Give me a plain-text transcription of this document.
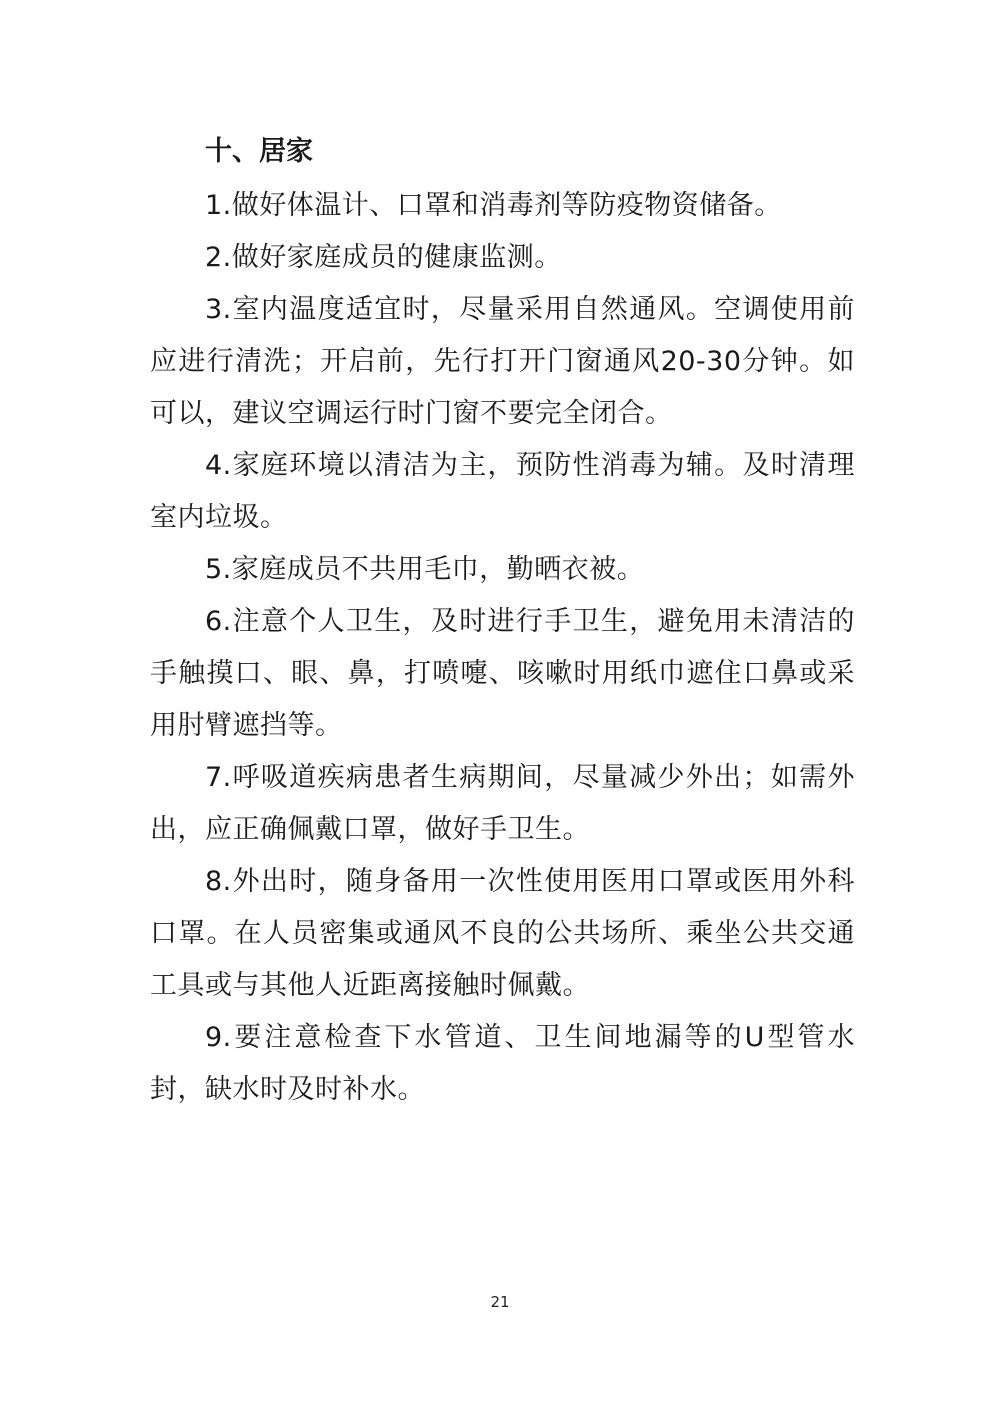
十、居家

1.做好体温计、口罩和消毒剂等防疫物资储备。

2.做好家庭成员的健康监测。

3.室内温度适宜时，尽量采用自然通风。空调使用前应进行清洗；开启前，先行打开门窗通风20-30分钟。如可以，建议空调运行时门窗不要完全闭合。

4.家庭环境以清洁为主，预防性消毒为辅。及时清理室内垃圾。

5.家庭成员不共用毛巾，勤晒衣被。

6.注意个人卫生，及时进行手卫生，避免用未清洁的手触摸口、眼、鼻，打喷嚏、咳嗽时用纸巾遮住口鼻或采用肘臂遮挡等。

7.呼吸道疾病患者生病期间，尽量减少外出；如需外出，应正确佩戴口罩，做好手卫生。

8.外出时，随身备用一次性使用医用口罩或医用外科口罩。在人员密集或通风不良的公共场所、乘坐公共交通工具或与其他人近距离接触时佩戴。

9.要注意检查下水管道、卫生间地漏等的U型管水封，缺水时及时补水。

21
